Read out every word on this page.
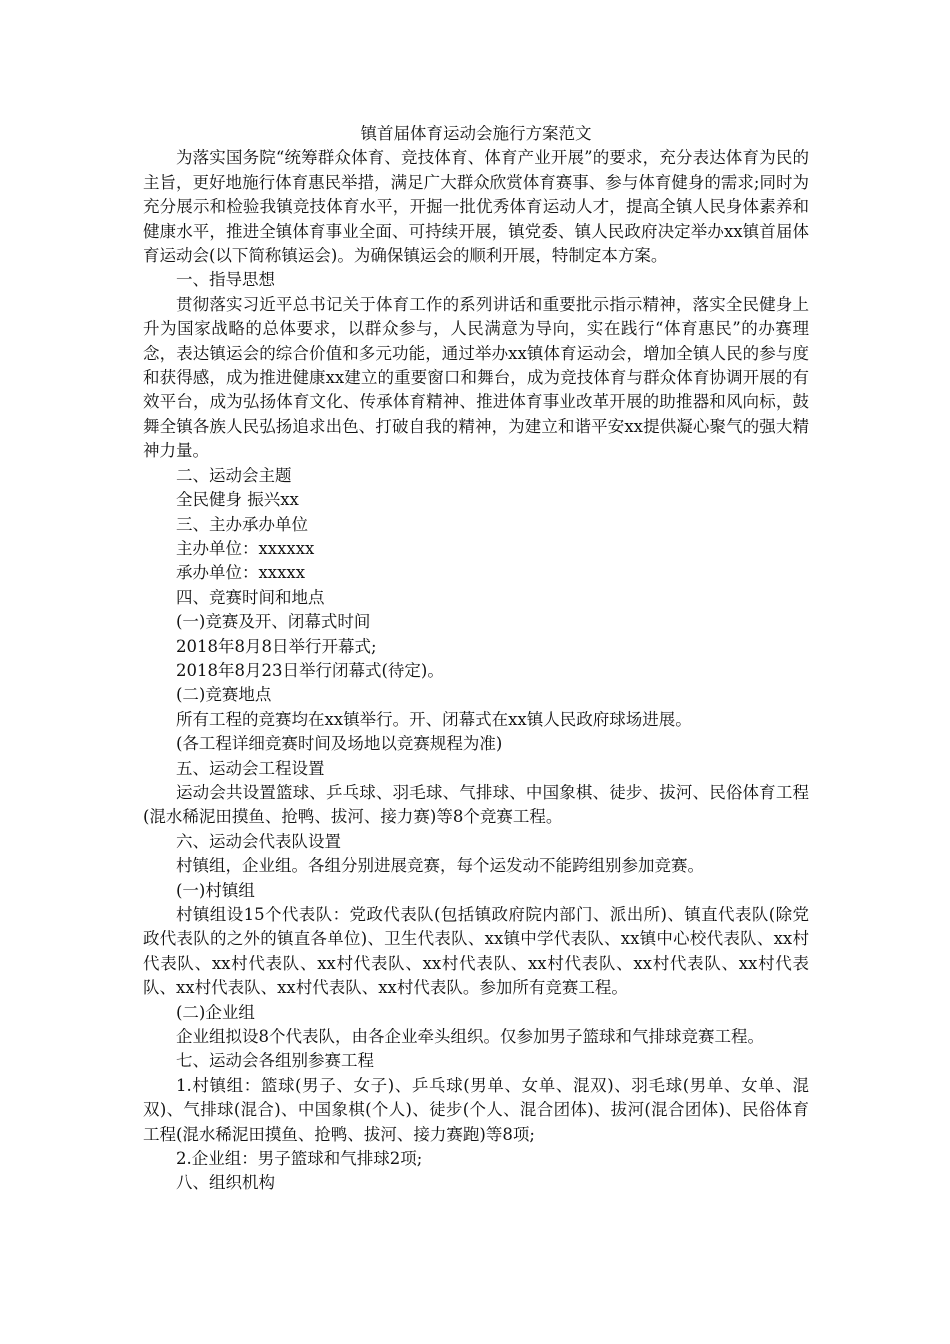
镇首届体育运动会施行方案范文

为落实国务院“统筹群众体育、竞技体育、体育产业开展”的要求，充分表达体育为民的主旨，更好地施行体育惠民举措，满足广大群众欣赏体育赛事、参与体育健身的需求;同时为充分展示和检验我镇竞技体育水平，开掘一批优秀体育运动人才，提高全镇人民身体素养和健康水平，推进全镇体育事业全面、可持续开展，镇党委、镇人民政府决定举办xx镇首届体育运动会(以下简称镇运会)。为确保镇运会的顺利开展，特制定本方案。

一、指导思想

贯彻落实习近平总书记关于体育工作的系列讲话和重要批示指示精神，落实全民健身上升为国家战略的总体要求，以群众参与，人民满意为导向，实在践行“体育惠民”的办赛理念，表达镇运会的综合价值和多元功能，通过举办xx镇体育运动会，增加全镇人民的参与度和获得感，成为推进健康xx建立的重要窗口和舞台，成为竞技体育与群众体育协调开展的有效平台，成为弘扬体育文化、传承体育精神、推进体育事业改革开展的助推器和风向标，鼓舞全镇各族人民弘扬追求出色、打破自我的精神，为建立和谐平安xx提供凝心聚气的强大精神力量。

二、运动会主题

全民健身 振兴xx

三、主办承办单位

主办单位：xxxxxx

承办单位：xxxxx

四、竞赛时间和地点

(一)竞赛及开、闭幕式时间

2018年8月8日举行开幕式;

2018年8月23日举行闭幕式(待定)。

(二)竞赛地点

所有工程的竞赛均在xx镇举行。开、闭幕式在xx镇人民政府球场进展。

(各工程详细竞赛时间及场地以竞赛规程为准)

五、运动会工程设置

运动会共设置篮球、乒乓球、羽毛球、气排球、中国象棋、徒步、拔河、民俗体育工程(混水稀泥田摸鱼、抢鸭、拔河、接力赛)等8个竞赛工程。

六、运动会代表队设置

村镇组，企业组。各组分别进展竞赛，每个运发动不能跨组别参加竞赛。

(一)村镇组

村镇组设15个代表队：党政代表队(包括镇政府院内部门、派出所)、镇直代表队(除党政代表队的之外的镇直各单位)、卫生代表队、xx镇中学代表队、xx镇中心校代表队、xx村代表队、xx村代表队、xx村代表队、xx村代表队、xx村代表队、xx村代表队、xx村代表队、xx村代表队、xx村代表队、xx村代表队。参加所有竞赛工程。

(二)企业组

企业组拟设8个代表队，由各企业牵头组织。仅参加男子篮球和气排球竞赛工程。

七、运动会各组别参赛工程

1.村镇组：篮球(男子、女子)、乒乓球(男单、女单、混双)、羽毛球(男单、女单、混双)、气排球(混合)、中国象棋(个人)、徒步(个人、混合团体)、拔河(混合团体)、民俗体育工程(混水稀泥田摸鱼、抢鸭、拔河、接力赛跑)等8项;

2.企业组：男子篮球和气排球2项;

八、组织机构
